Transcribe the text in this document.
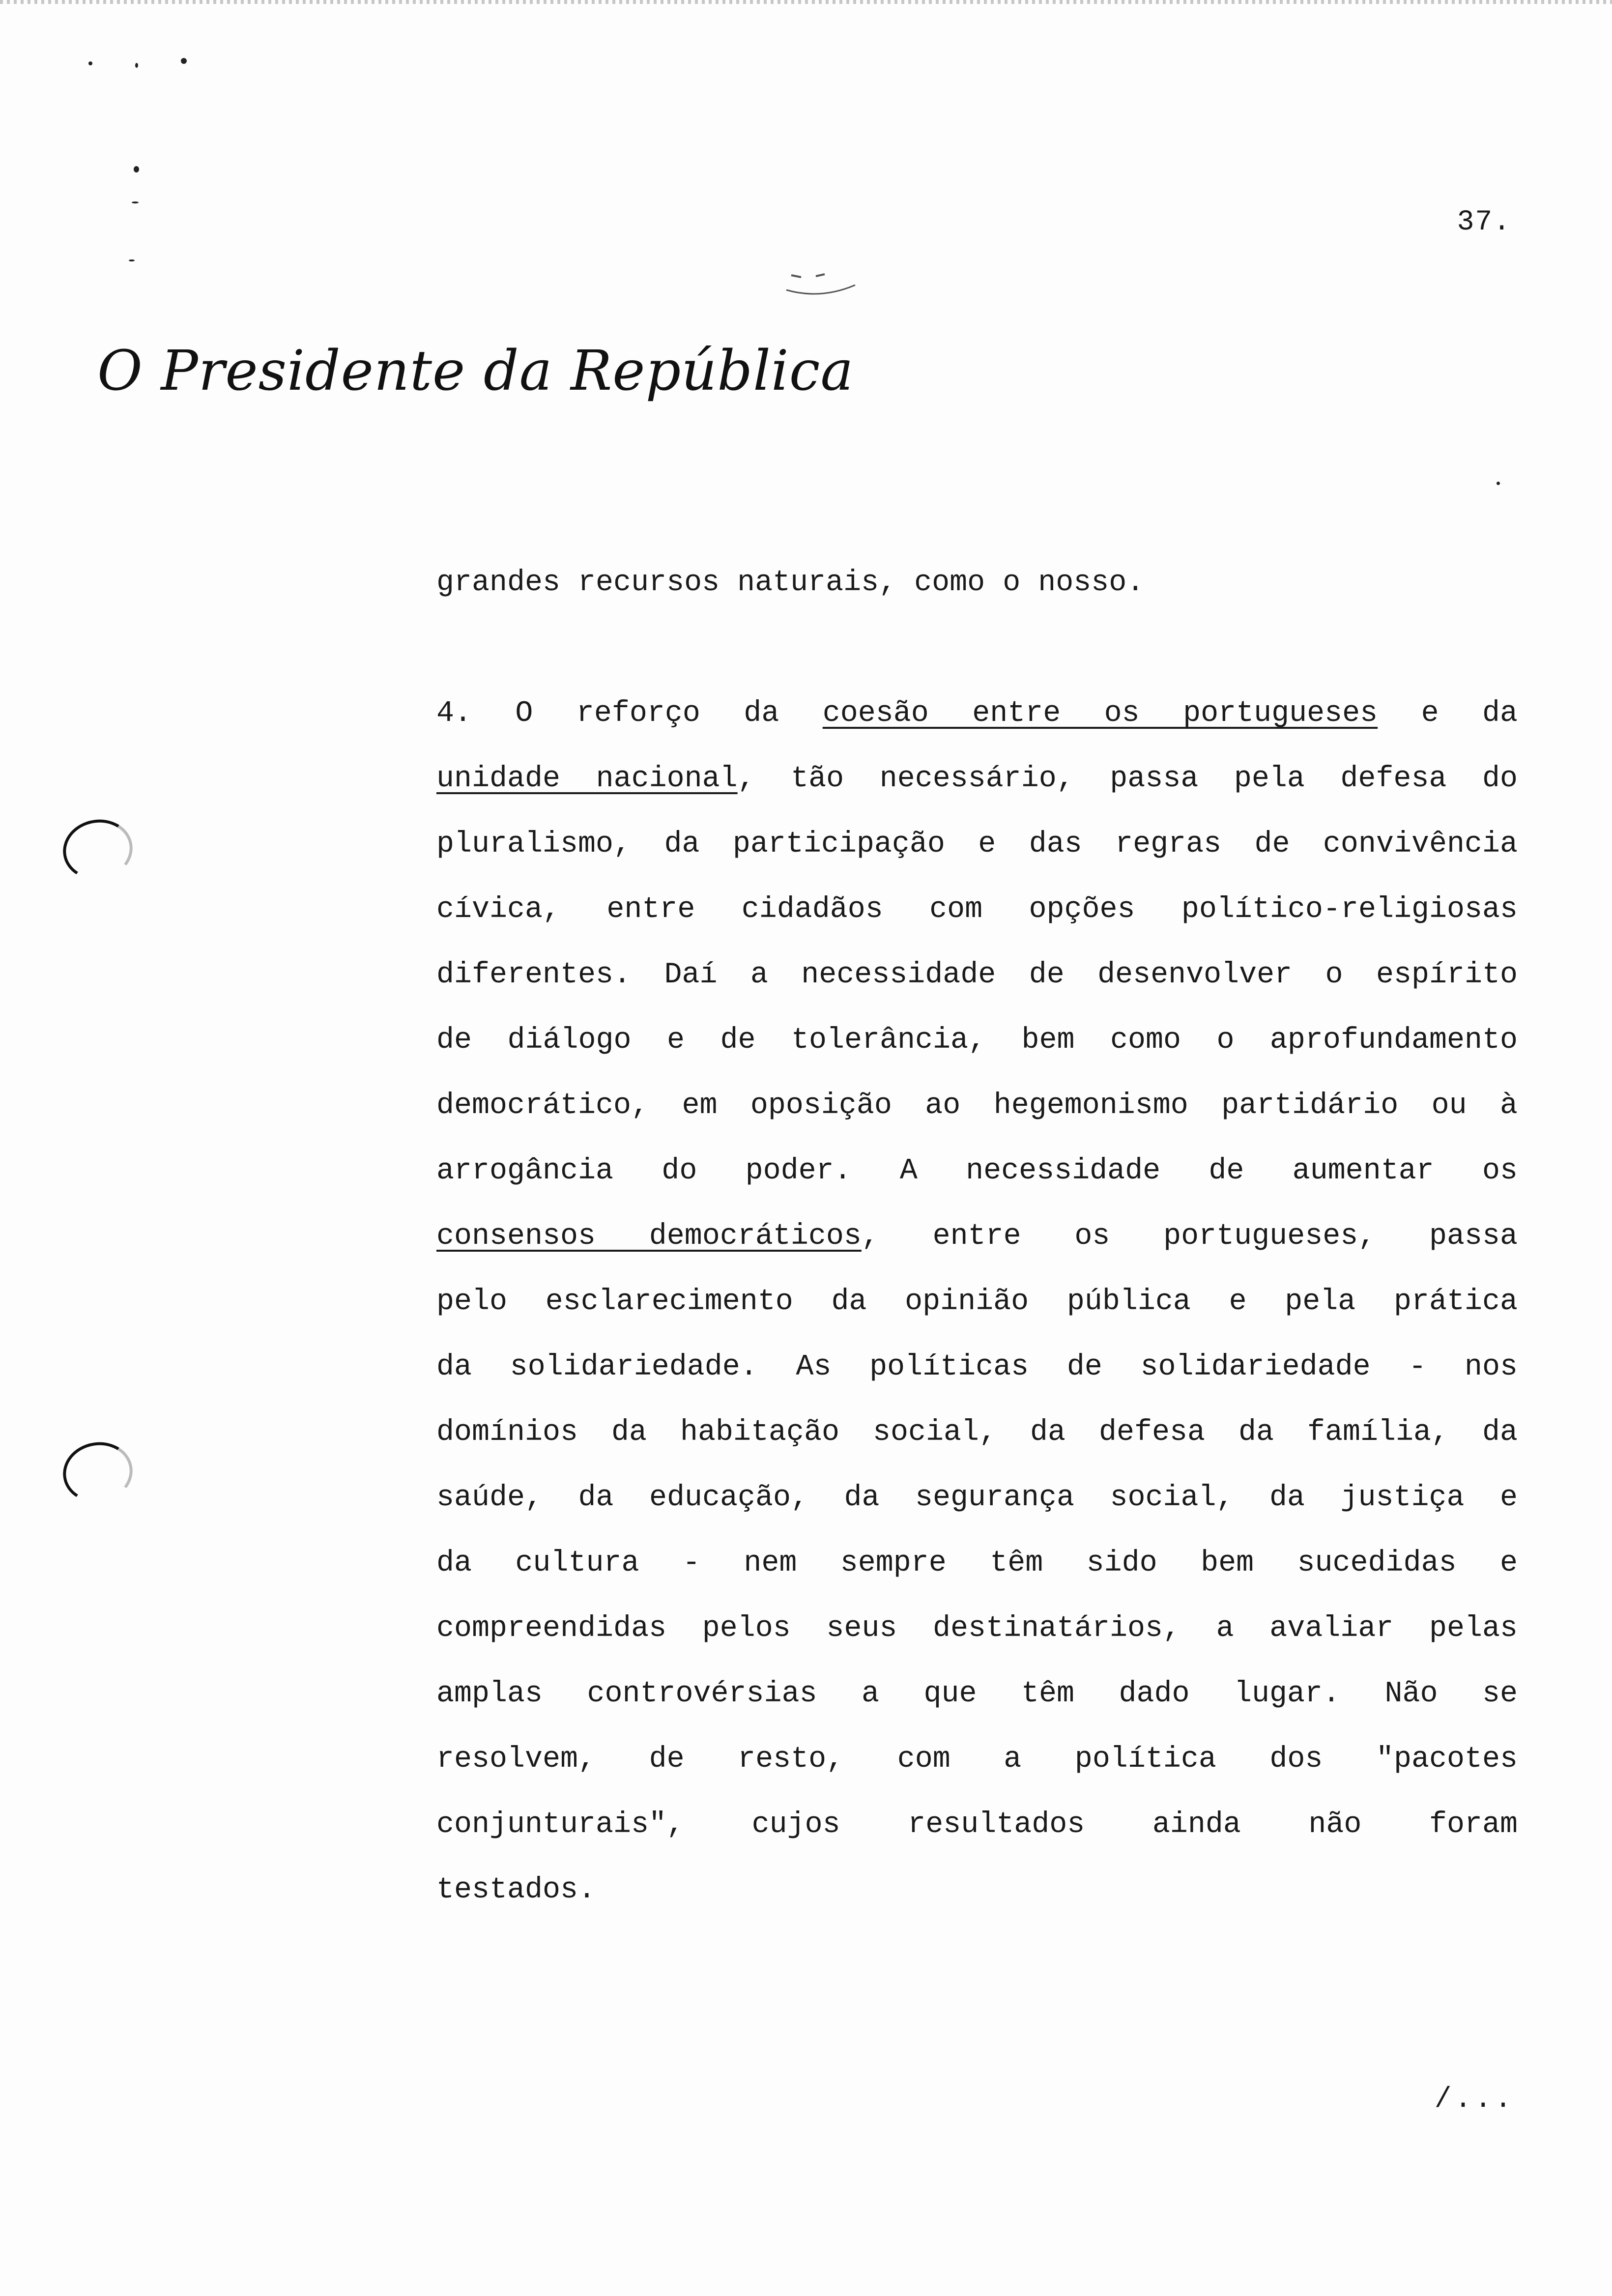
37.
O Presidente da República
grandes recursos naturais, como o nosso.
4. O reforço da coesão entre os portugueses e da
unidade nacional, tão necessário, passa pela defesa do
pluralismo, da participação e das regras de convivência
cívica, entre cidadãos com opções político-religiosas
diferentes. Daí a necessidade de desenvolver o espírito
de diálogo e de tolerância, bem como o aprofundamento
democrático, em oposição ao hegemonismo partidário ou à
arrogância do poder. A necessidade de aumentar os
consensos democráticos, entre os portugueses, passa
pelo esclarecimento da opinião pública e pela prática
da solidariedade. As políticas de solidariedade - nos
domínios da habitação social, da defesa da família, da
saúde, da educação, da segurança social, da justiça e
da cultura - nem sempre têm sido bem sucedidas e
compreendidas pelos seus destinatários, a avaliar pelas
amplas controvérsias a que têm dado lugar. Não se
resolvem, de resto, com a política dos "pacotes
conjunturais", cujos resultados ainda não foram
testados.
/...
